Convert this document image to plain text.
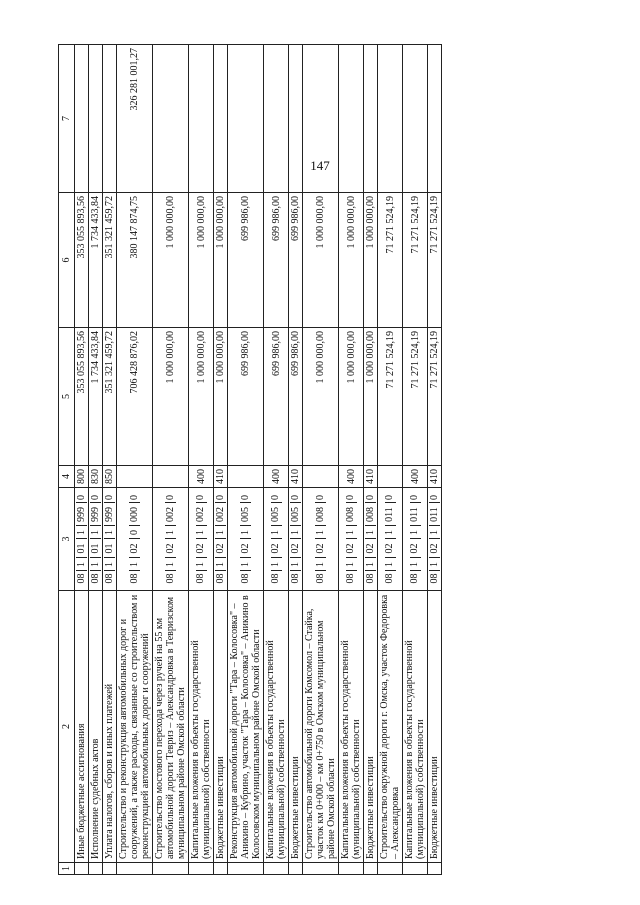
147
1	2	3	4	5	6	7
	Иные бюджетные ассигнования	0810119990	800	353 055 893,56	353 055 893,56	
	Исполнение судебных актов	0810119990	830	1 734 433,84	1 734 433,84	
	Уплата налогов, сборов и иных платежей	0810119990	850	351 321 459,72	351 321 459,72	
	Строительство и реконструкция автомобильных дорог и сооружений, а также расходы, связанные со строительством и реконструкцией автомобильных дорог и сооружений	0810200000		706 428 876,02	380 147 874,75	326 281 001,27
	Строительство мостового перехода через ручей на 55 км автомобильной дороги Тевриз – Александровка в Тевризском муниципальном районе Омской области	0810210020		1 000 000,00	1 000 000,00	
	Капитальные вложения в объекты государственной (муниципальной) собственности	0810210020	400	1 000 000,00	1 000 000,00	
	Бюджетные инвестиции	0810210020	410	1 000 000,00	1 000 000,00	
	Реконструкция автомобильной дороги "Тара – Колосовка" – Аникино – Кубрино, участок "Тара – Колосовка" – Аникино в Колосовском муниципальном районе Омской области	0810210050		699 986,00	699 986,00	
	Капитальные вложения в объекты государственной (муниципальной) собственности	0810210050	400	699 986,00	699 986,00	
	Бюджетные инвестиции	0810210050	410	699 986,00	699 986,00	
	Строительство автомобильной дороги Комсомол – Стайка, участок км 0+000 – км 0+750 в Омском муниципальном районе Омской области	0810210080		1 000 000,00	1 000 000,00	
	Капитальные вложения в объекты государственной (муниципальной) собственности	0810210080	400	1 000 000,00	1 000 000,00	
	Бюджетные инвестиции	0810210080	410	1 000 000,00	1 000 000,00	
	Строительство окружной дороги г. Омска, участок Федоровка – Александровка	0810210110		71 271 524,19	71 271 524,19	
	Капитальные вложения в объекты государственной (муниципальной) собственности	0810210110	400	71 271 524,19	71 271 524,19	
	Бюджетные инвестиции	0810210110	410	71 271 524,19	71 271 524,19	
